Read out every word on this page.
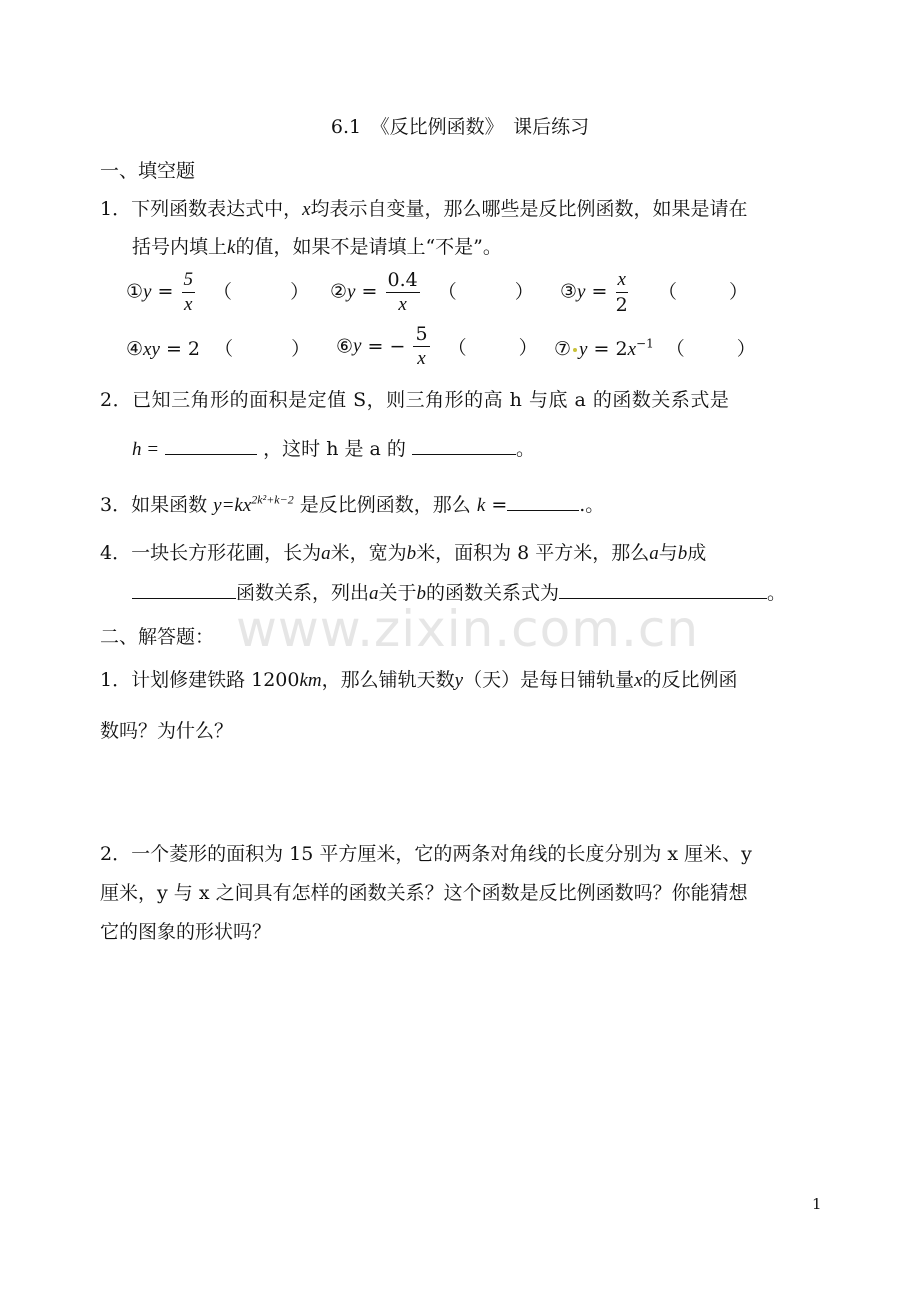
6.1　《反比例函数》　课后练习
一、填空题
1．下列函数表达式中，x均表示自变量，那么哪些是反比例函数，如果是请在
括号内填上k的值，如果不是请填上“不是”。
①y = $\frac{5}{x}$ （	） ②y = $\frac{0.4}{x}$ （	） ③y = $\frac{x}{2}$ （	）
④xy = 2 （	） ⑥y = − $\frac{5}{x}$ （	） ⑦ $y = 2x^{-1}$ （	）
2．已知三角形的面积是定值 S，则三角形的高 h 与底 a 的函数关系式是
h =	，这时 h 是 a 的	。
3．如果函数 $y=kx^{2k^2+k-2}$ 是反比例函数，那么 k =	.。
4．一块长方形花圃，长为a米，宽为b米，面积为 8 平方米，那么a与b成
函数关系，列出a关于b的函数关系式为	。
www.zixin.com.cn
二、解答题：
1．计划修建铁路 1200km，那么铺轨天数y（天）是每日铺轨量x的反比例函
数吗？为什么？
2．一个菱形的面积为 15 平方厘米，它的两条对角线的长度分别为 x 厘米、y
厘米，y 与 x 之间具有怎样的函数关系？这个函数是反比例函数吗？你能猜想
它的图象的形状吗？
1
